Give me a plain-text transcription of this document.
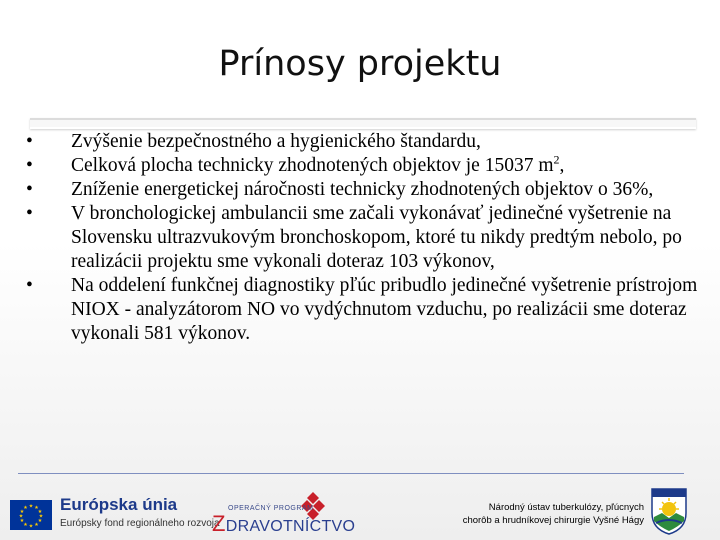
Prínosy projektu
•	Zvýšenie bezpečnostného a hygienického štandardu,
•	Celková plocha technicky zhodnotených objektov je 15037 $m^2$,
•	Zníženie energetickej náročnosti technicky zhodnotených objektov o 36%,
•	V bronchologickej ambulancii sme začali vykonávať jedinečné vyšetrenie na Slovensku ultrazvukovým bronchoskopom, ktoré tu nikdy predtým nebolo, po realizácii projektu sme vykonali doteraz 103 výkonov,
•	Na oddelení funkčnej diagnostiky pľúc pribudlo jedinečné vyšetrenie prístrojom NIOX - analyzátorom NO vo vydýchnutom vzduchu, po realizácii sme doteraz vykonali 581 výkonov.
★ ★
★
★
★
★
★
★
★
★
★
★ Európska únia
Európsky fond regionálneho rozvoja
OPERAČNÝ PROGRAM
ZDRAVOTNÍCTVO
Národný ústav tuberkulózy, pľúcnych
chorôb a hrudníkovej chirurgie Vyšné Hágy
